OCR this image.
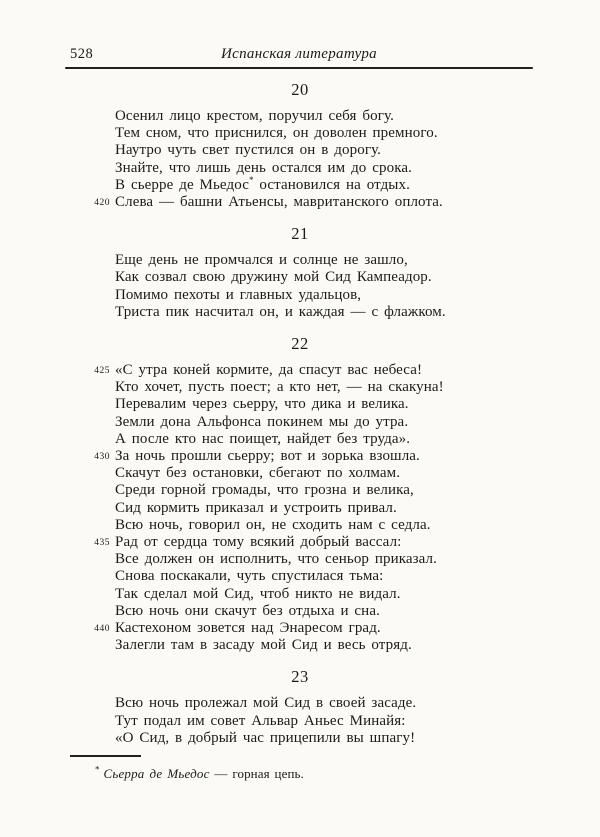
528	Испанская литература
20
Осенил лицо крестом, поручил себя богу.
Тем сном, что приснился, он доволен премного.
Наутро чуть свет пустился он в дорогу.
Знайте, что лишь день остался им до срока.
В сьерре де Мьедос* остановился на отдых.
420 Слева — башни Атьенсы, мавританского оплота.
21
Еще день не промчался и солнце не зашло,
Как созвал свою дружину мой Сид Кампеадор.
Помимо пехоты и главных удальцов,
Триста пик насчитал он, и каждая — с флажком.
22
425 «С утра коней кормите, да спасут вас небеса!
Кто хочет, пусть поест; а кто нет, — на скакуна!
Перевалим через сьерру, что дика и велика.
Земли дона Альфонса покинем мы до утра.
А после кто нас поищет, найдет без труда».
430 За ночь прошли сьерру; вот и зорька взошла.
Скачут без остановки, сбегают по холмам.
Среди горной громады, что грозна и велика,
Сид кормить приказал и устроить привал.
Всю ночь, говорил он, не сходить нам с седла.
435 Рад от сердца тому всякий добрый вассал:
Все должен он исполнить, что сеньор приказал.
Снова поскакали, чуть спустилася тьма:
Так сделал мой Сид, чтоб никто не видал.
Всю ночь они скачут без отдыха и сна.
440 Кастехоном зовется над Энаресом град.
Залегли там в засаду мой Сид и весь отряд.
23
Всю ночь пролежал мой Сид в своей засаде.
Тут подал им совет Альвар Аньес Минайя:
«О Сид, в добрый час прицепили вы шпагу!
* Сьерра де Мьедос — горная цепь.
